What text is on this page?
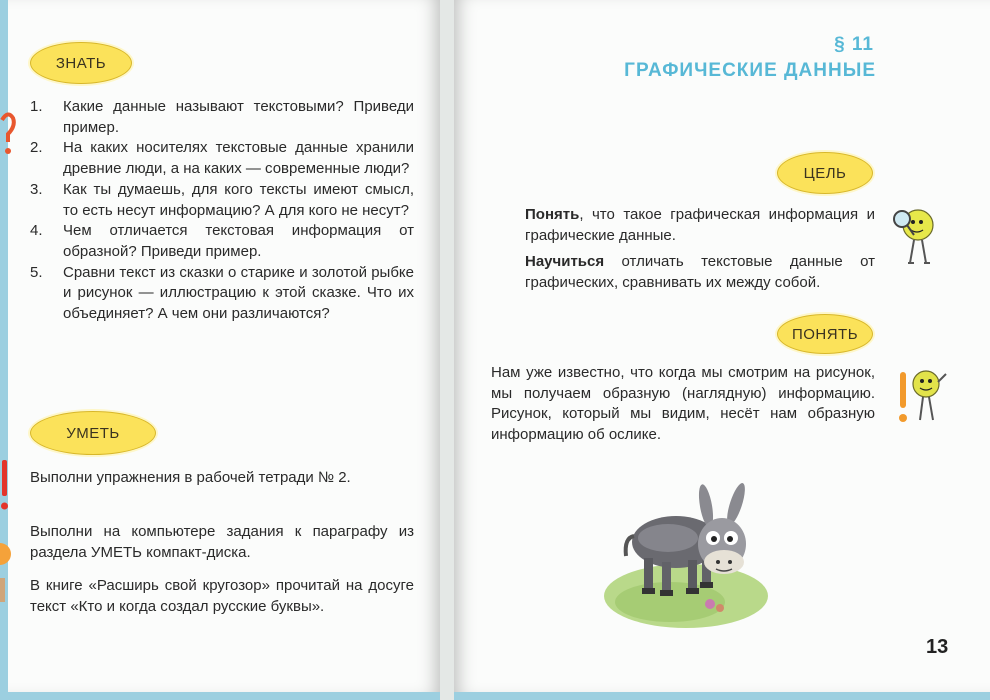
ЗНАТЬ
1.	Какие данные называют текстовыми? Приведи пример.
2.	На каких носителях текстовые данные хранили древние люди, а на каких — современные люди?
3.	Как ты думаешь, для кого тексты имеют смысл, то есть несут информацию? А для кого не несут?
4.	Чем отличается текстовая информация от образной? Приведи пример.
5.	Сравни текст из сказки о старике и золотой рыбке и рисунок — иллюстрацию к этой сказке. Что их объединяет? А чем они различаются?
УМЕТЬ

Выполни упражнения в рабочей тетради № 2.

Выполни на компьютере задания к параграфу из раздела УМЕТЬ компакт-диска.

В книге «Расширь свой кругозор» прочитай на досуге текст «Кто и когда создал русские буквы».

§ 11
ГРАФИЧЕСКИЕ ДАННЫЕ
ЦЕЛЬ

Понять, что такое графическая информация и графические данные.

Научиться отличать текстовые данные от графических, сравнивать их между собой.

ПОНЯТЬ

Нам уже известно, что когда мы смотрим на рисунок, мы получаем образную (наглядную) информацию. Рисунок, который мы видим, несёт нам образную информацию об ослике.

13
